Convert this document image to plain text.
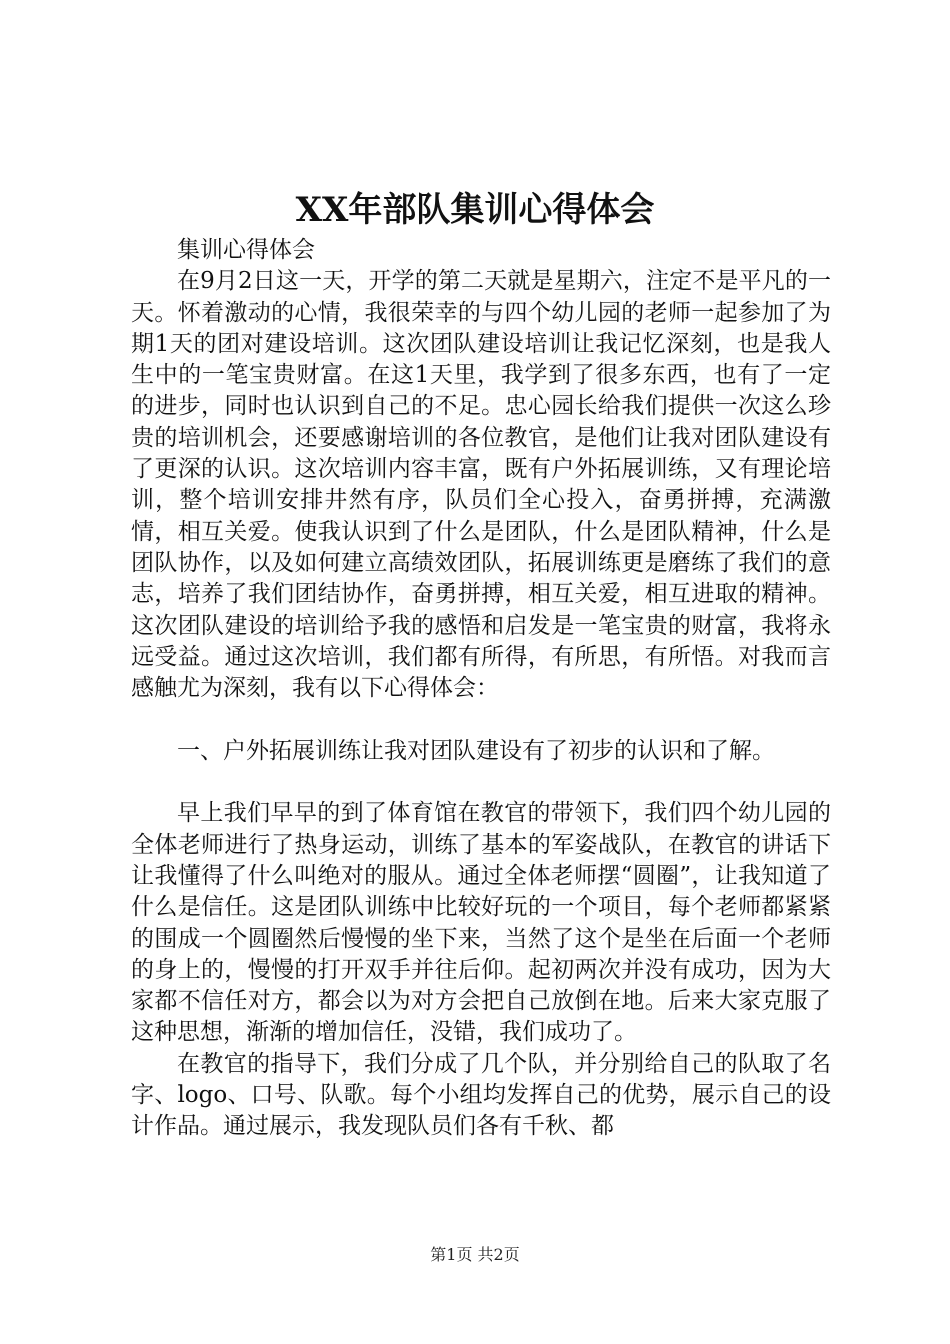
XX年部队集训心得体会

集训心得体会

在9月2日这一天，开学的第二天就是星期六，注定不是平凡的一天。怀着激动的心情，我很荣幸的与四个幼儿园的老师一起参加了为期1天的团对建设培训。这次团队建设培训让我记忆深刻，也是我人生中的一笔宝贵财富。在这1天里，我学到了很多东西，也有了一定的进步，同时也认识到自己的不足。忠心园长给我们提供一次这么珍贵的培训机会，还要感谢培训的各位教官，是他们让我对团队建设有了更深的认识。这次培训内容丰富，既有户外拓展训练，又有理论培训，整个培训安排井然有序，队员们全心投入，奋勇拼搏，充满激情，相互关爱。使我认识到了什么是团队，什么是团队精神，什么是团队协作，以及如何建立高绩效团队，拓展训练更是磨练了我们的意志，培养了我们团结协作，奋勇拼搏，相互关爱，相互进取的精神。这次团队建设的培训给予我的感悟和启发是一笔宝贵的财富，我将永远受益。通过这次培训，我们都有所得，有所思，有所悟。对我而言感触尤为深刻，我有以下心得体会：

一、户外拓展训练让我对团队建设有了初步的认识和了解。

早上我们早早的到了体育馆在教官的带领下，我们四个幼儿园的全体老师进行了热身运动，训练了基本的军姿战队，在教官的讲话下让我懂得了什么叫绝对的服从。通过全体老师摆“圆圈”，让我知道了什么是信任。这是团队训练中比较好玩的一个项目，每个老师都紧紧的围成一个圆圈然后慢慢的坐下来，当然了这个是坐在后面一个老师的身上的，慢慢的打开双手并往后仰。起初两次并没有成功，因为大家都不信任对方，都会以为对方会把自己放倒在地。后来大家克服了这种思想，渐渐的增加信任，没错，我们成功了。

在教官的指导下，我们分成了几个队，并分别给自己的队取了名字、logo、口号、队歌。每个小组均发挥自己的优势，展示自己的设计作品。通过展示，我发现队员们各有千秋、都

第1页 共2页
